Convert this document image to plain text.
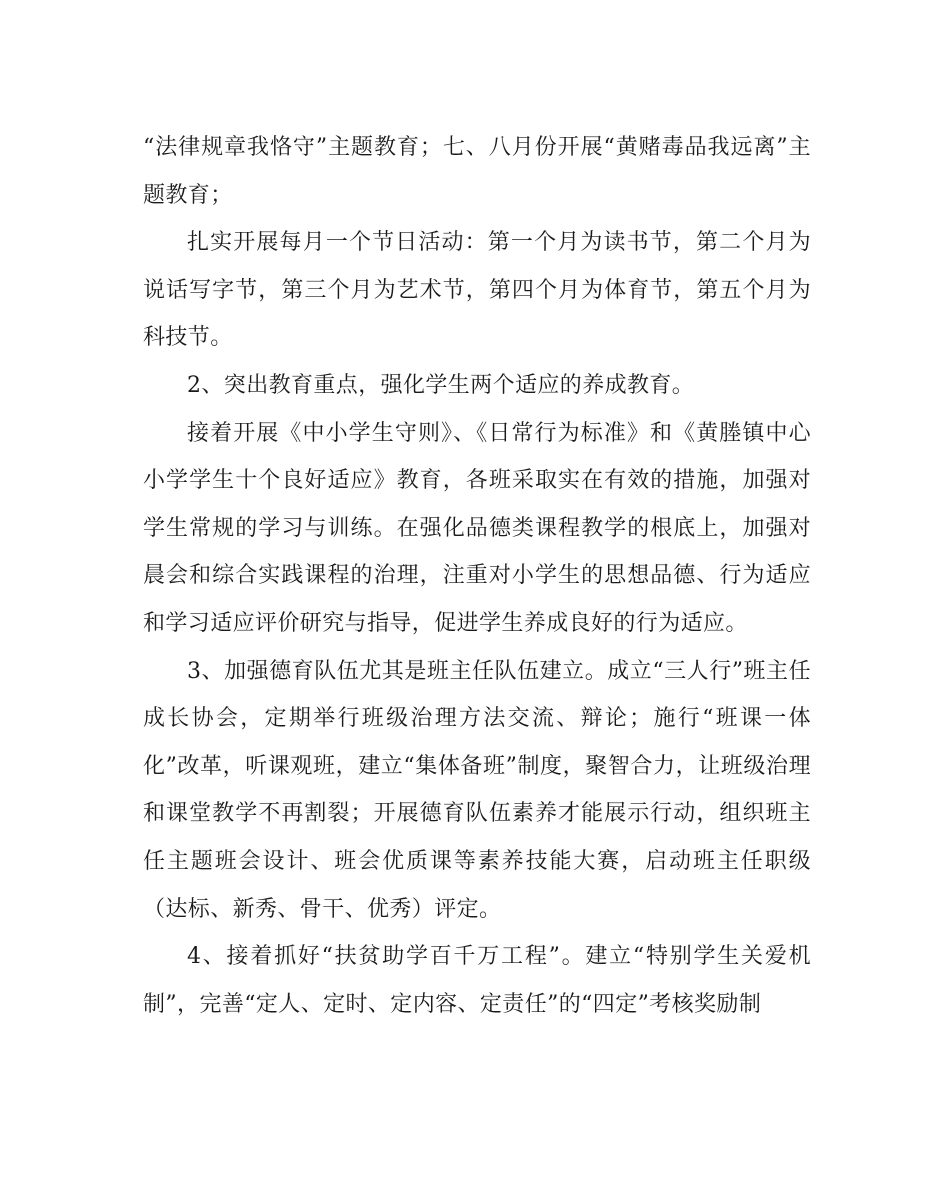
“法律规章我恪守”主题教育；七、八月份开展“黄赌毒品我远离”主题教育；

扎实开展每月一个节日活动：第一个月为读书节，第二个月为说话写字节，第三个月为艺术节，第四个月为体育节，第五个月为科技节。

2、突出教育重点，强化学生两个适应的养成教育。

接着开展《中小学生守则》、《日常行为标准》和《黄塍镇中心小学学生十个良好适应》教育，各班采取实在有效的措施，加强对学生常规的学习与训练。在强化品德类课程教学的根底上，加强对晨会和综合实践课程的治理，注重对小学生的思想品德、行为适应和学习适应评价研究与指导，促进学生养成良好的行为适应。

3、加强德育队伍尤其是班主任队伍建立。成立“三人行”班主任成长协会，定期举行班级治理方法交流、辩论；施行“班课一体化”改革，听课观班，建立“集体备班”制度，聚智合力，让班级治理和课堂教学不再割裂；开展德育队伍素养才能展示行动，组织班主任主题班会设计、班会优质课等素养技能大赛，启动班主任职级（达标、新秀、骨干、优秀）评定。

4、接着抓好“扶贫助学百千万工程”。建立“特别学生关爱机制”，完善“定人、定时、定内容、定责任”的“四定”考核奖励制
